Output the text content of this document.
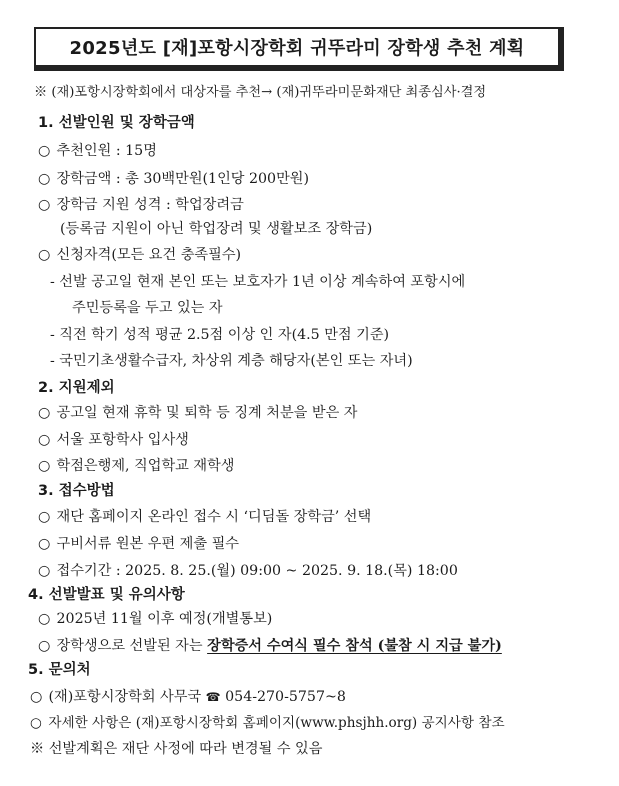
2025년도 [재]포항시장학회 귀뚜라미 장학생 추천 계획
※ (재)포항시장학회에서 대상자를 추천→ (재)귀뚜라미문화재단 최종심사·결정
1. 선발인원 및 장학금액
○ 추천인원 : 15명
○ 장학금액 : 총 30백만원(1인당 200만원)
○ 장학금 지원 성격 : 학업장려금
(등록금 지원이 아닌 학업장려 및 생활보조 장학금)
○ 신청자격(모든 요건 충족필수)
- 선발 공고일 현재 본인 또는 보호자가 1년 이상 계속하여 포항시에
주민등록을 두고 있는 자
- 직전 학기 성적 평균 2.5점 이상 인 자(4.5 만점 기준)
- 국민기초생활수급자, 차상위 계층 해당자(본인 또는 자녀)
2. 지원제외
○ 공고일 현재 휴학 및 퇴학 등 징계 처분을 받은 자
○ 서울 포항학사 입사생
○ 학점은행제, 직업학교 재학생
3. 접수방법
○ 재단 홈페이지 온라인 접수 시 ‘디딤돌 장학금’ 선택
○ 구비서류 원본 우편 제출 필수
○ 접수기간 : 2025. 8. 25.(월) 09:00 ~ 2025. 9. 18.(목) 18:00
4. 선발발표 및 유의사항
○ 2025년 11월 이후 예정(개별통보)
○ 장학생으로 선발된 자는 장학증서 수여식 필수 참석 (불참 시 지급 불가)
5. 문의처
○ (재)포항시장학회 사무국 ☎ 054-270-5757~8
○ 자세한 사항은 (재)포항시장학회 홈페이지(www.phsjhh.org) 공지사항 참조
※ 선발계획은 재단 사정에 따라 변경될 수 있음
